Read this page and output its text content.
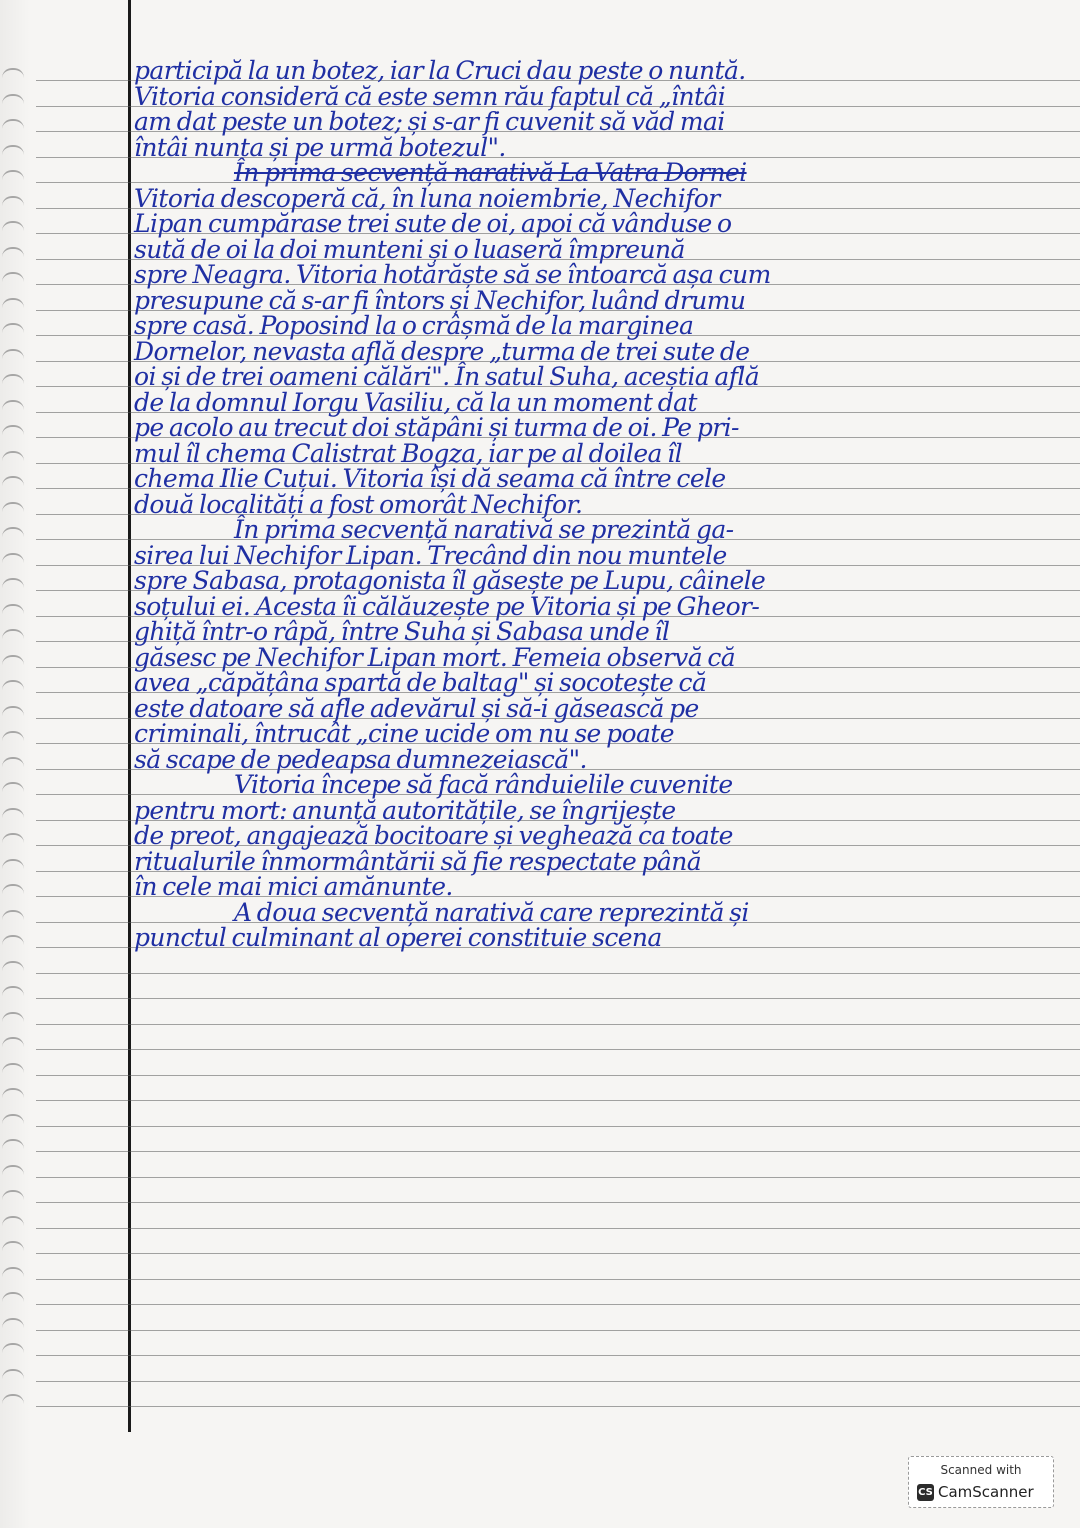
participă la un botez, iar la Cruci dau peste o nuntă.
Vitoria consideră că este semn rău faptul că „întâi
am dat peste un botez; și s-ar fi cuvenit să văd mai
întâi nunta și pe urmă botezul".
În prima secvență narativă La Vatra Dornei
Vitoria descoperă că, în luna noiembrie, Nechifor
Lipan cumpărase trei sute de oi, apoi că vânduse o
sută de oi la doi munteni și o luaseră împreună
spre Neagra. Vitoria hotărăște să se întoarcă așa cum
presupune că s-ar fi întors și Nechifor, luând drumu
spre casă. Poposind la o crâșmă de la marginea
Dornelor, nevasta află despre „turma de trei sute de
oi și de trei oameni călări". În satul Suha, aceștia află
de la domnul Iorgu Vasiliu, că la un moment dat
pe acolo au trecut doi stăpâni și turma de oi. Pe pri-
mul îl chema Calistrat Bogza, iar pe al doilea îl
chema Ilie Cuțui. Vitoria își dă seama că între cele
două localități a fost omorât Nechifor.
În prima secvență narativă se prezintă ga-
sirea lui Nechifor Lipan. Trecând din nou muntele
spre Sabasa, protagonista îl găsește pe Lupu, câinele
soțului ei. Acesta îi călăuzește pe Vitoria și pe Gheor-
ghiță într-o râpă, între Suha și Sabasa unde îl
găsesc pe Nechifor Lipan mort. Femeia observă că
avea „căpățâna spartă de baltag" și socotește că
este datoare să afle adevărul și să-i găsească pe
criminali, întrucât „cine ucide om nu se poate
să scape de pedeapsa dumnezeiască".
Vitoria începe să facă rânduielile cuvenite
pentru mort: anunță autoritățile, se îngrijește
de preot, angajează bocitoare și veghează ca toate
ritualurile înmormântării să fie respectate până
în cele mai mici amănunte.
A doua secvență narativă care reprezintă și
punctul culminant al operei constituie scena
Scanned with
CS CamScanner
